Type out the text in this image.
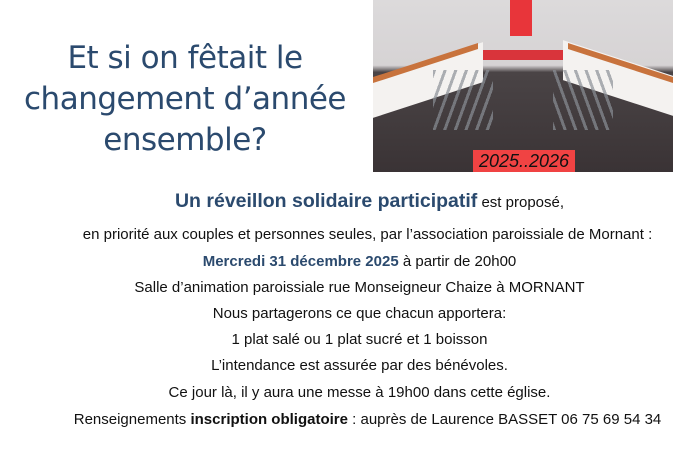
Et si on fêtait le
changement d’année
ensemble?
2025..2026
Un réveillon solidaire participatif est proposé,
en priorité aux couples et personnes seules, par l’association paroissiale de Mornant :
Mercredi 31 décembre 2025 à partir de 20h00
Salle d’animation paroissiale rue Monseigneur Chaize à MORNANT
Nous partagerons ce que chacun apportera:
1 plat salé ou 1 plat sucré et 1 boisson
L’intendance est assurée par des bénévoles.
Ce jour là, il y aura une messe à 19h00 dans cette église.
Renseignements inscription obligatoire : auprès de Laurence BASSET 06 75 69 54 34
